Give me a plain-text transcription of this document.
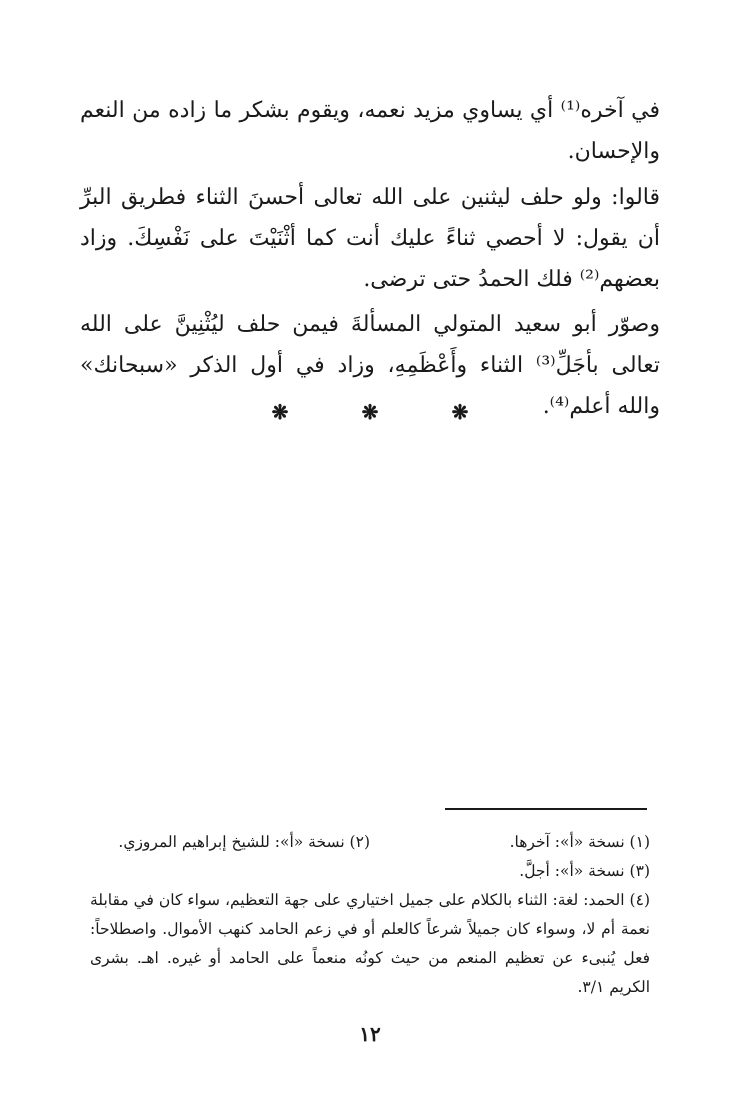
في آخره⁽¹⁾ أي يساوي مزيد نعمه، ويقوم بشكر ما زاده من النعم والإحسان.

قالوا: ولو حلف ليثنين على الله تعالى أحسنَ الثناء فطريق البرِّ أن يقول: لا أحصي ثناءً عليك أنت كما أثْنَيْتَ على نَفْسِكَ. وزاد بعضهم⁽²⁾ فلك الحمدُ حتى ترضى.

وصوّر أبو سعيد المتولي المسألةَ فيمن حلف ليُثْنِينَّ على الله تعالى بأجَلِّ⁽³⁾ الثناء وأَعْظَمِهِ، وزاد في أول الذكر «سبحانك» والله أعلم⁽⁴⁾.

❋
❋
❋
(١) نسخة «أ»: آخرها.
(٢) نسخة «أ»: للشيخ إبراهيم المروزي.
(٣) نسخة «أ»: أجلَّ.
(٤) الحمد: لغة: الثناء بالكلام على جميل اختياري على جهة التعظيم، سواء كان في مقابلة نعمة أم لا، وسواء كان جميلاً شرعاً كالعلم أو في زعم الحامد كنهب الأموال. واصطلاحاً: فعل يُنبىء عن تعظيم المنعم من حيث كونُه منعماً على الحامد أو غيره. اهـ. بشرى الكريم ٣/١.
١٢
